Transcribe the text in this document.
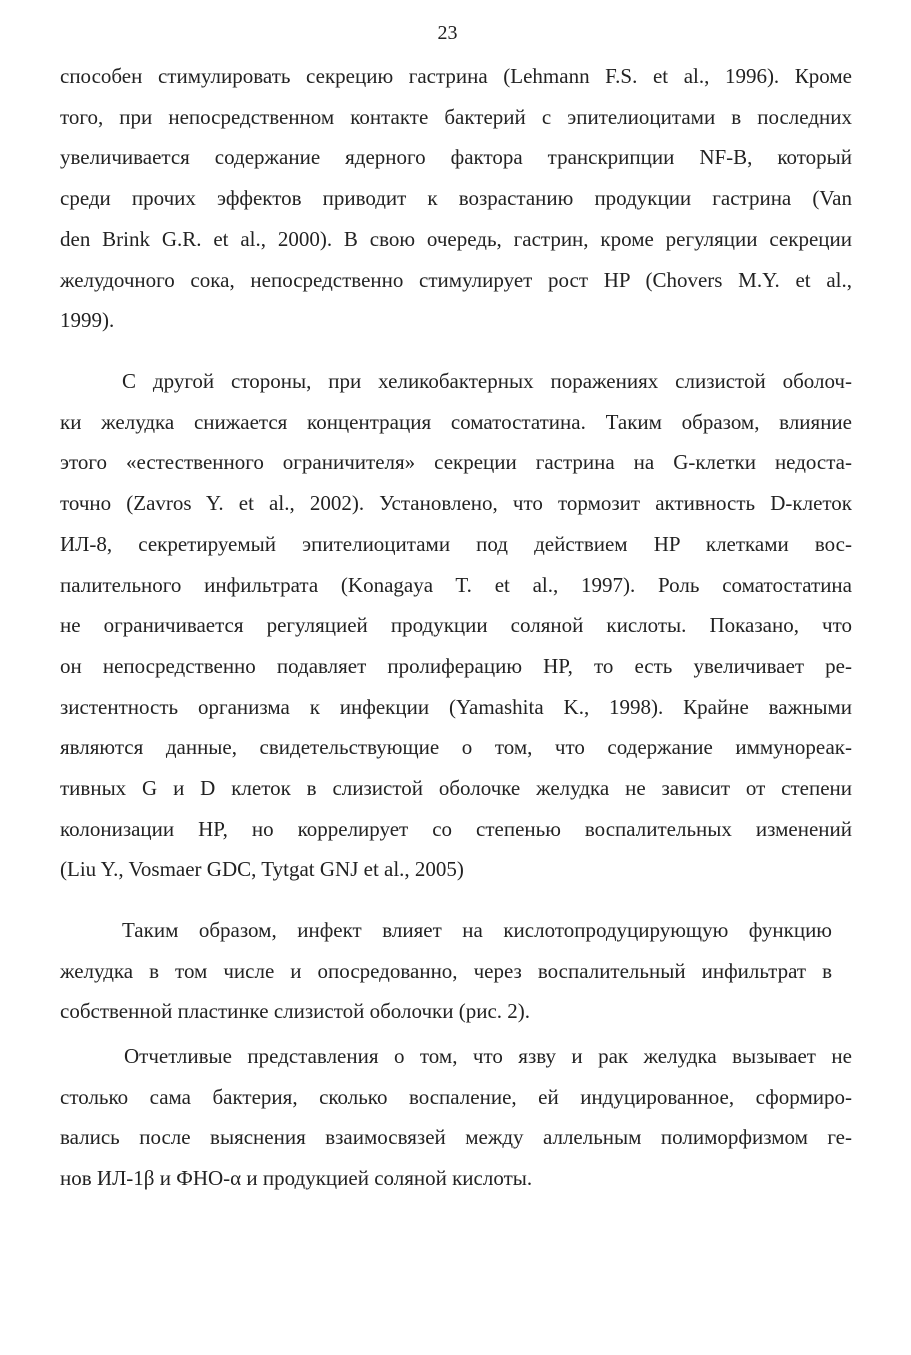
23
способен стимулировать секрецию гастрина (Lehmann F.S. et al., 1996). Кроме
того, при непосредственном контакте бактерий с эпителиоцитами в последних
увеличивается содержание ядерного фактора транскрипции NF-B, который
среди прочих эффектов приводит к возрастанию продукции гастрина (Van
den Brink G.R. et al., 2000). В свою очередь, гастрин, кроме регуляции секреции
желудочного сока, непосредственно стимулирует рост HP (Chovers M.Y. et al.,
1999).
С другой стороны, при хеликобактерных поражениях слизистой оболоч-
ки желудка снижается концентрация соматостатина. Таким образом, влияние
этого «естественного ограничителя» секреции гастрина на G-клетки недоста-
точно (Zavros Y. et al., 2002). Установлено, что тормозит активность D-клеток
ИЛ-8, секретируемый эпителиоцитами под действием HP клетками вос-
палительного инфильтрата (Konagaya T. et al., 1997). Роль соматостатина
не ограничивается регуляцией продукции соляной кислоты. Показано, что
он непосредственно подавляет пролиферацию HP, то есть увеличивает ре-
зистентность организма к инфекции (Yamashita K., 1998). Крайне важными
являются данные, свидетельствующие о том, что содержание иммунореак-
тивных G и D клеток в слизистой оболочке желудка не зависит от степени
колонизации HP, но коррелирует со степенью воспалительных изменений
(Liu Y., Vosmaer GDC, Tytgat GNJ et al., 2005)
Таким образом, инфект влияет на кислотопродуцирующую функцию
желудка в том числе и опосредованно, через воспалительный инфильтрат в
собственной пластинке слизистой оболочки (рис. 2).
Отчетливые представления о том, что язву и рак желудка вызывает не
столько сама бактерия, сколько воспаление, ей индуцированное, сформиро-
вались после выяснения взаимосвязей между аллельным полиморфизмом ге-
нов ИЛ-1β и ФНО-α и продукцией соляной кислоты.
